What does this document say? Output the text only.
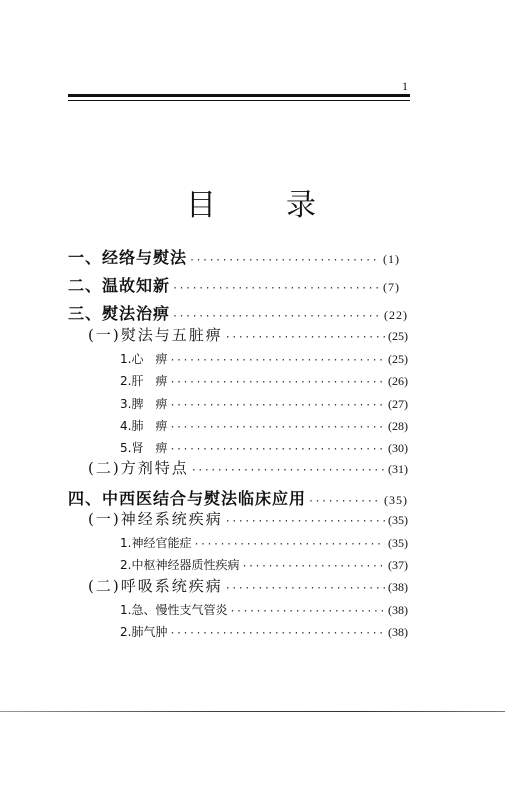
1
目 录
一、经络与熨法 ·····	(1)
二、温故知新 ·····	(7)
三、熨法治痹 ·····	(22)
(一)熨法与五脏痹 ·····	(25)
1.心　痹 ·····	(25)
2.肝　痹 ·····	(26)
3.脾　痹 ·····	(27)
4.肺　痹 ·····	(28)
5.肾　痹 ·····	(30)
(二)方剂特点 ·····	(31)
四、中西医结合与熨法临床应用 ·····	(35)
(一)神经系统疾病 ·····	(35)
1.神经官能症 ·····	(35)
2.中枢神经器质性疾病 ·····	(37)
(二)呼吸系统疾病 ·····	(38)
1.急、慢性支气管炎 ·····	(38)
2.肺气肿 ·····	(38)
